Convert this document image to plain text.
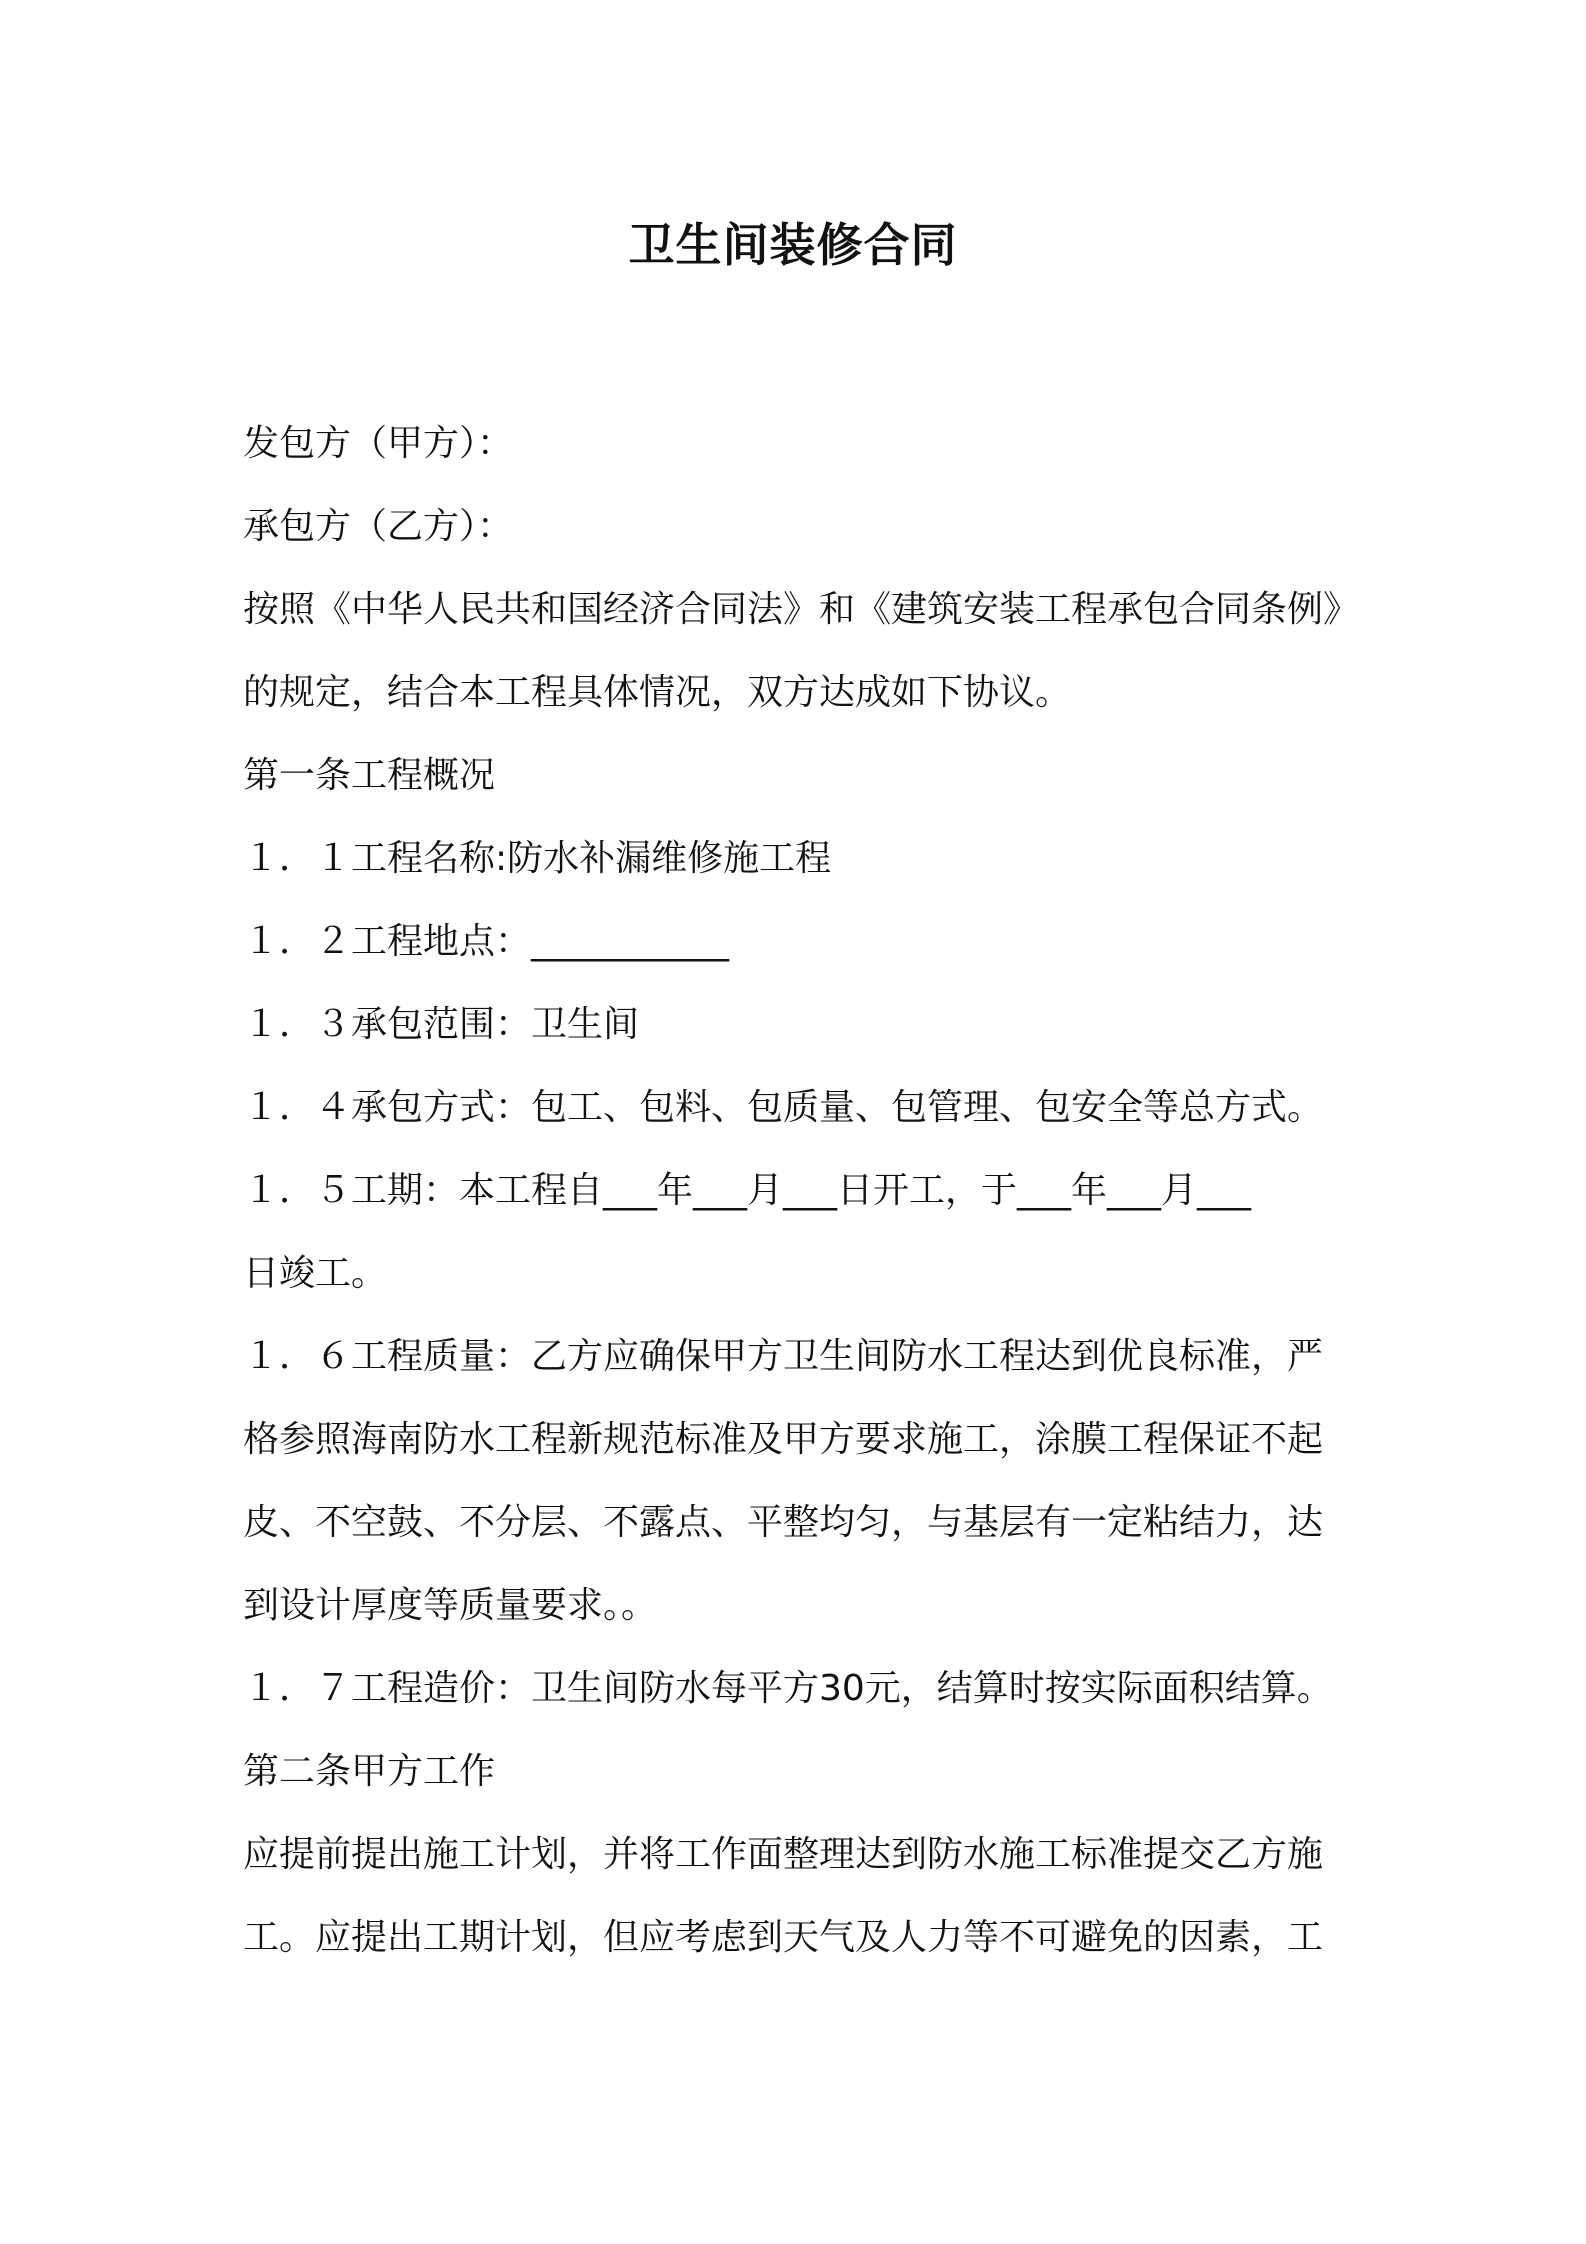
卫生间装修合同
发包方（甲方）：
承包方（乙方）：
按照《中华人民共和国经济合同法》和《建筑安装工程承包合同条例》
的规定，结合本工程具体情况，双方达成如下协议。
第一条工程概况
１．１工程名称:防水补漏维修施工程
１．２工程地点：___________
１．３承包范围：卫生间
１．４承包方式：包工、包料、包质量、包管理、包安全等总方式。
１．５工期：本工程自___年___月___日开工，于___年___月___
日竣工。
１．６工程质量：乙方应确保甲方卫生间防水工程达到优良标准，严
格参照海南防水工程新规范标准及甲方要求施工，涂膜工程保证不起
皮、不空鼓、不分层、不露点、平整均匀，与基层有一定粘结力，达
到设计厚度等质量要求。。
１．７工程造价：卫生间防水每平方30元，结算时按实际面积结算。
第二条甲方工作
应提前提出施工计划，并将工作面整理达到防水施工标准提交乙方施
工。应提出工期计划，但应考虑到天气及人力等不可避免的因素，工
